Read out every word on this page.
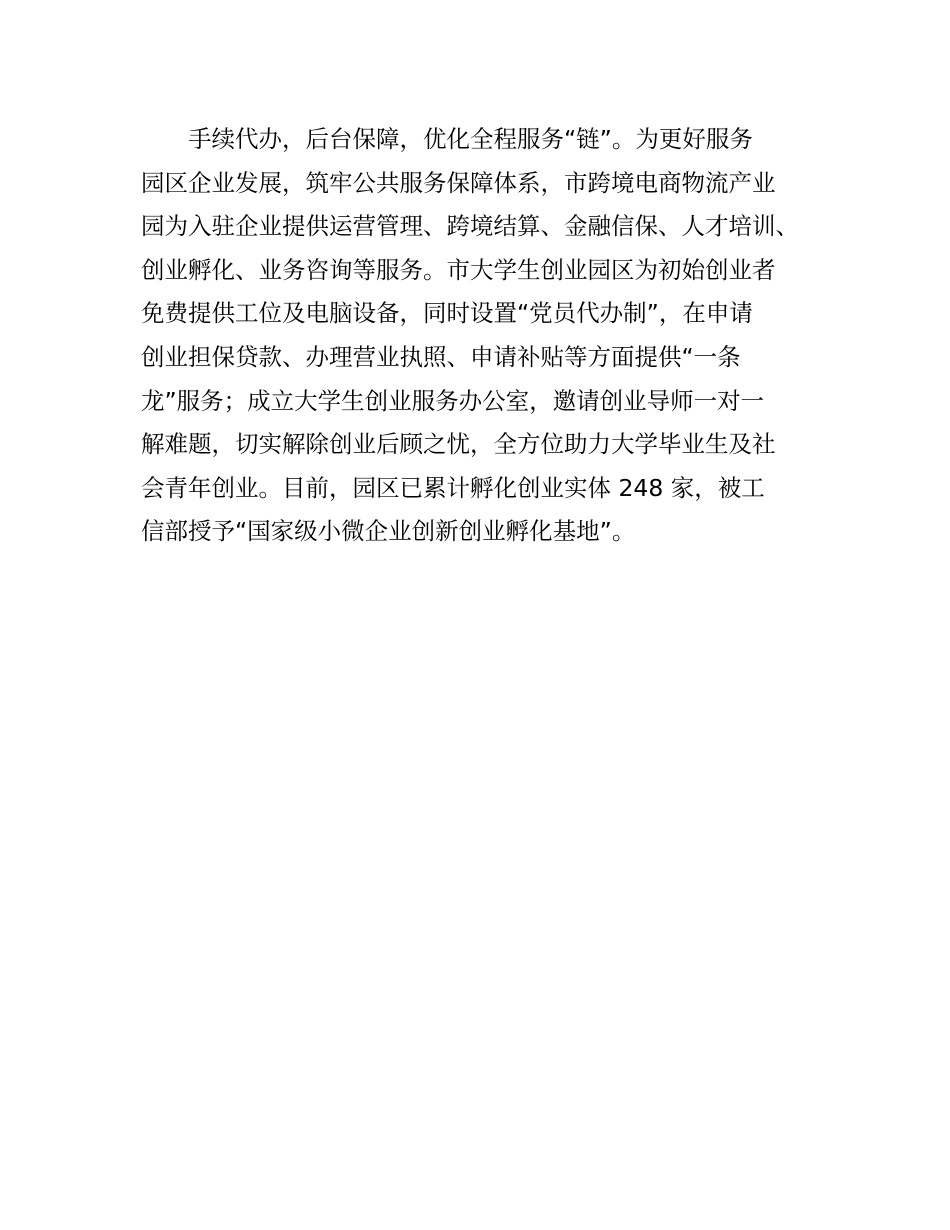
手续代办，后台保障，优化全程服务“链”。为更好服务
园区企业发展，筑牢公共服务保障体系，市跨境电商物流产业
园为入驻企业提供运营管理、跨境结算、金融信保、人才培训、
创业孵化、业务咨询等服务。市大学生创业园区为初始创业者
免费提供工位及电脑设备，同时设置“党员代办制”，在申请
创业担保贷款、办理营业执照、申请补贴等方面提供“一条
龙”服务；成立大学生创业服务办公室，邀请创业导师一对一
解难题，切实解除创业后顾之忧，全方位助力大学毕业生及社
会青年创业。目前，园区已累计孵化创业实体 248 家，被工
信部授予“国家级小微企业创新创业孵化基地”。
